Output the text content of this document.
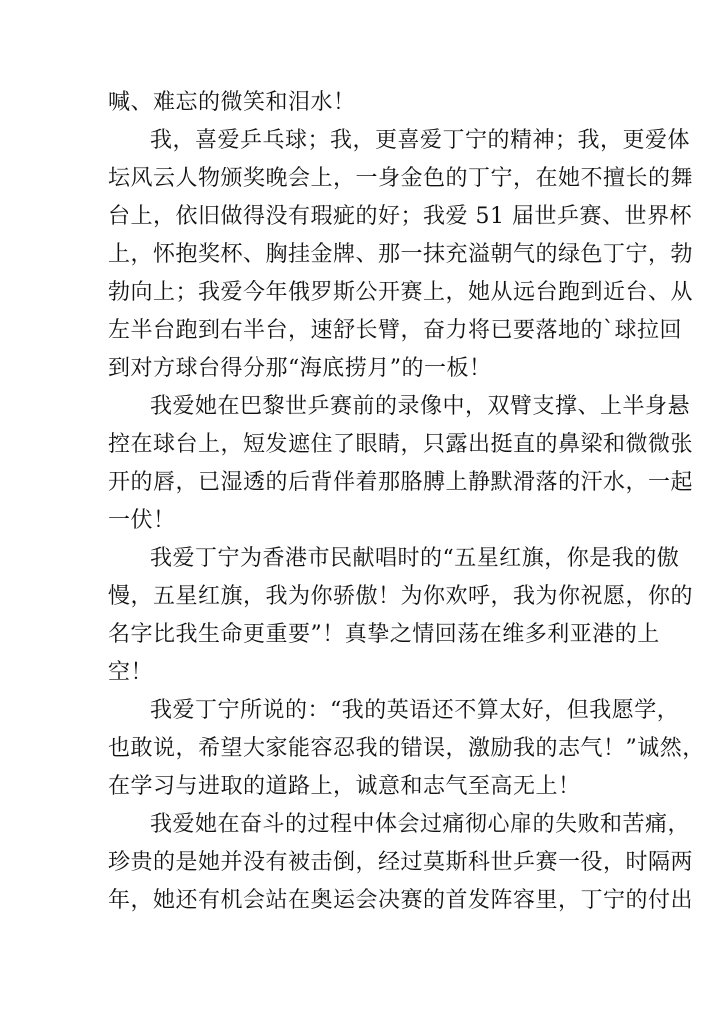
喊、难忘的微笑和泪水！
我，喜爱乒乓球；我，更喜爱丁宁的精神；我，更爱体
坛风云人物颁奖晚会上，一身金色的丁宁，在她不擅长的舞
台上，依旧做得没有瑕疵的好；我爱 51 届世乒赛、世界杯
上，怀抱奖杯、胸挂金牌、那一抹充溢朝气的绿色丁宁，勃
勃向上；我爱今年俄罗斯公开赛上，她从远台跑到近台、从
左半台跑到右半台，速舒长臂，奋力将已要落地的`球拉回
到对方球台得分那“海底捞月”的一板！
我爱她在巴黎世乒赛前的录像中，双臂支撑、上半身悬
控在球台上，短发遮住了眼睛，只露出挺直的鼻梁和微微张
开的唇，已湿透的后背伴着那胳膊上静默滑落的汗水，一起
一伏！
我爱丁宁为香港市民献唱时的“五星红旗，你是我的傲
慢，五星红旗，我为你骄傲！为你欢呼，我为你祝愿，你的
名字比我生命更重要”！真挚之情回荡在维多利亚港的上
空！
我爱丁宁所说的：“我的英语还不算太好，但我愿学，
也敢说，希望大家能容忍我的错误，激励我的志气！”诚然，
在学习与进取的道路上，诚意和志气至高无上！
我爱她在奋斗的过程中体会过痛彻心扉的失败和苦痛，
珍贵的是她并没有被击倒，经过莫斯科世乒赛一役，时隔两
年，她还有机会站在奥运会决赛的首发阵容里，丁宁的付出
